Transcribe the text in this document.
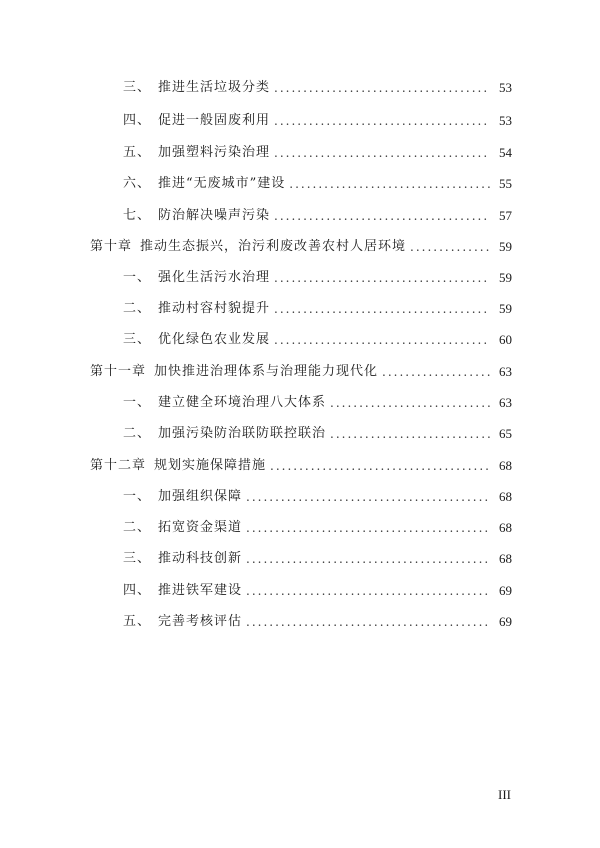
三、 推进生活垃圾分类 .....	53
四、 促进一般固废利用 .....	53
五、 加强塑料污染治理 .....	54
六、 推进“无废城市”建设 .....	55
七、 防治解决噪声污染 .....	57
第十章 推动生态振兴，治污利废改善农村人居环境 .....	59
一、 强化生活污水治理 .....	59
二、 推动村容村貌提升 .....	59
三、 优化绿色农业发展 .....	60
第十一章 加快推进治理体系与治理能力现代化 .....	63
一、 建立健全环境治理八大体系 .....	63
二、 加强污染防治联防联控联治 .....	65
第十二章 规划实施保障措施 .....	68
一、 加强组织保障 .....	68
二、 拓宽资金渠道 .....	68
三、 推动科技创新 .....	68
四、 推进铁军建设 .....	69
五、 完善考核评估 .....	69
III
